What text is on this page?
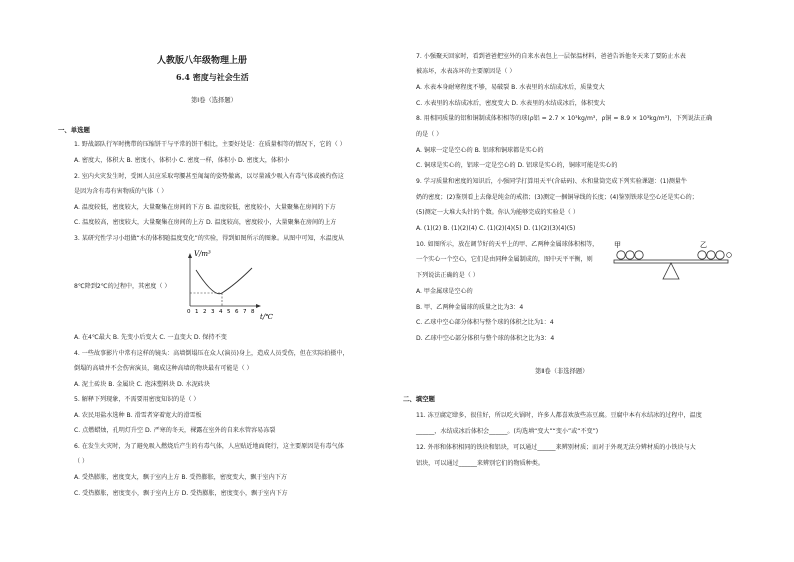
人教版八年级物理上册
6.4 密度与社会生活
第Ⅰ卷（选择题）
一、单选题
1. 野战部队行军时携带的压缩饼干与平常的饼干相比，主要好处是：在质量相等的情况下，它的（ ）
A. 密度大，体积大 B. 密度小，体积小 C. 密度一样，体积小 D. 密度大，体积小
2. 室内火灾发生时，受困人员应采取弯腰甚至匍匐的姿势撤离，以尽量减少吸入有毒气体或被灼伤这
是因为含有毒有害物质的气体（ ）
A. 温度较低，密度较大，大量聚集在房间的下方 B. 温度较低，密度较小，大量聚集在房间的下方
C. 温度较高，密度较大，大量聚集在房间的上方 D. 温度较高，密度较小，大量聚集在房间的上方
3. 某研究性学习小组做“水的体积随温度变化”的实验，得到如图所示的图象。从图中可知，水温度从
V/m³
t/℃
0 1 2 3 4 5 6 7 8
8℃降到2℃的过程中，其密度（ ）
A. 在4℃最大 B. 先变小后变大 C. 一直变大 D. 保持不变
4. 一些故事影片中常有这样的镜头：高墙倒塌压在众人(演员)身上，造成人员受伤，但在实际拍摄中，
倒塌的高墙并不会伤害演员，砌成这种高墙的物块最有可能是（ ）
A. 泥土砖块 B. 金属块 C. 泡沫塑料块 D. 水泥砖块
5. 解释下列现象，不需要用密度知识的是（ ）
A. 农民用盐水选种 B. 滑雪者穿着宽大的滑雪板
C. 点燃蜡烛，孔明灯升空 D. 严寒的冬天，裸露在室外的自来水管容易冻裂
6. 在发生火灾时，为了避免吸入燃烧后产生的有毒气体，人应贴近地面爬行，这主要原因是有毒气体
（ ）
A. 受热膨胀，密度变大，飘于室内上方 B. 受热膨胀，密度变大，飘于室内下方
C. 受热膨胀，密度变小，飘于室内上方 D. 受热膨胀，密度变小，飘于室内下方
7. 小强聚天回家时，看到爸爸把室外的自来水表包上一层保温材料，爸爸告诉他冬天来了要防止水表
被冻坏，水表冻坏的主要原因是（ ）
A. 水表本身耐寒程度不够，易破裂 B. 水表里的水结成冰后，质量变大
C. 水表里的水结成冰后，密度变大 D. 水表里的水结成冰后，体积变大
8. 用相同质量的铝和铜制成体积相等的球(ρ铝 = 2.7 × 10³kg/m³，ρ铜 = 8.9 × 10³kg/m³)，下列说法正确
的是（ ）
A. 铜球一定是空心的 B. 铝球和铜球都是实心的
C. 铜球是实心的，铝球一定是空心的 D. 铝球是实心的，铜球可能是实心的
9. 学习质量和密度的知识后，小强同学打算用天平(含砝码)、水和量筒完成下列实验课题：(1)测量牛
奶的密度；(2)鉴别看上去像是纯金的戒指；(3)测定一捆铜导线的长度；(4)鉴别铁球是空心还是实心的；
(5)测定一大堆大头针的个数。你认为能够完成的实验是（ ）
A. (1)(2) B. (1)(2)(4) C. (1)(2)(4)(5) D. (1)(2)(3)(4)(5)
10. 如图所示，放在调节好的天平上的甲、乙两种金属球体积相等，
一个实心一个空心，它们是由同种金属制成的，图中天平平衡，则
下列说法正确的是（ ）
甲	乙
A. 甲金属球是空心的
B. 甲、乙两种金属球的质量之比为3：4
C. 乙球中空心部分体积与整个球的体积之比为1：4
D. 乙球中空心部分体积与整个球的体积之比为3：4
第Ⅱ卷（非选择题）
二、填空题
11. 冻豆腐定肆多，很佳好，所以吃火锅时，许多人都喜欢放些冻豆腐。豆腐中本有水结冰的过程中，温度
______，水结成冰后体积会______。(均选填“变大”“变小”或“不变”)
12. 外形和体积相同的铁块和铝块，可以通过______来辨别材质；而对于外观无法分辨材质的小铁块与大
铝块，可以通过______来辨别它们的物质种类。
